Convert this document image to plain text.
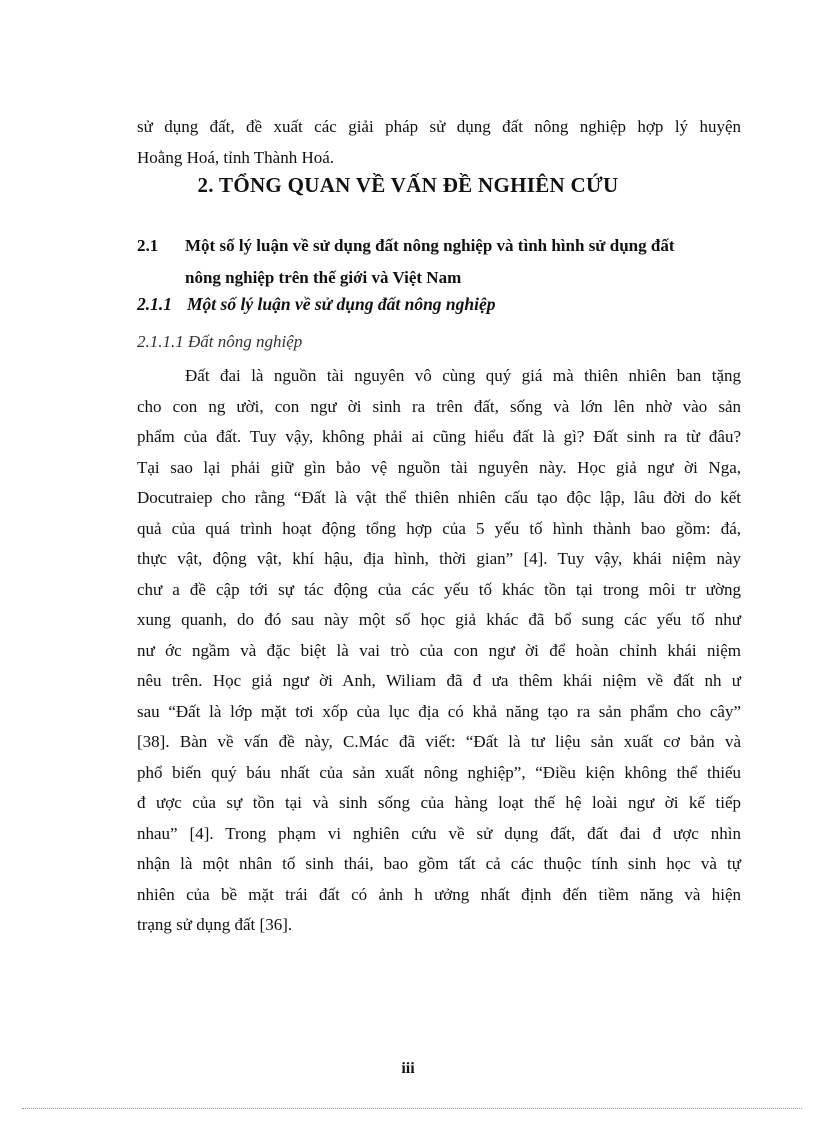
sử dụng đất, đề xuất các giải pháp sử dụng đất nông nghiệp hợp lý huyện
Hoằng Hoá, tỉnh Thành Hoá.
2. TỔNG QUAN VỀ VẤN ĐỀ NGHIÊN CỨU
2.1 Một số lý luận về sử dụng đất nông nghiệp và tình hình sử dụng đất
nông nghiệp trên thế giới và Việt Nam
2.1.1 Một số lý luận về sử dụng đất nông nghiệp
2.1.1.1 Đất nông nghiệp
Đất đai là nguồn tài nguyên vô cùng quý giá mà thiên nhiên ban tặng
cho con ng ười, con ngư ời sinh ra trên đất, sống và lớn lên nhờ vào sản
phẩm của đất. Tuy vậy, không phải ai cũng hiểu đất là gì? Đất sinh ra từ đâu?
Tại sao lại phải giữ gìn bảo vệ nguồn tài nguyên này. Học giả ngư ời Nga,
Docutraiep cho rằng “Đất là vật thể thiên nhiên cấu tạo độc lập, lâu đời do kết
quả của quá trình hoạt động tổng hợp của 5 yếu tố hình thành bao gồm: đá,
thực vật, động vật, khí hậu, địa hình, thời gian” [4]. Tuy vậy, khái niệm này
chư a đề cập tới sự tác động của các yếu tố khác tồn tại trong môi tr ường
xung quanh, do đó sau này một số học giả khác đã bổ sung các yếu tố như
nư ớc ngầm và đặc biệt là vai trò của con ngư ời để hoàn chỉnh khái niệm
nêu trên. Học giả ngư ời Anh, Wiliam đã đ ưa thêm khái niệm về đất nh ư
sau “Đất là lớp mặt tơi xốp của lục địa có khả năng tạo ra sản phẩm cho cây”
[38]. Bàn về vấn đề này, C.Mác đã viết: “Đất là tư liệu sản xuất cơ bản và
phổ biến quý báu nhất của sản xuất nông nghiệp”, “Điều kiện không thể thiếu
đ ược của sự tồn tại và sinh sống của hàng loạt thế hệ loài ngư ời kế tiếp
nhau” [4]. Trong phạm vi nghiên cứu về sử dụng đất, đất đai đ ược nhìn
nhận là một nhân tố sinh thái, bao gồm tất cả các thuộc tính sinh học và tự
nhiên của bề mặt trái đất có ảnh h ưởng nhất định đến tiềm năng và hiện
trạng sử dụng đất [36].
iii
